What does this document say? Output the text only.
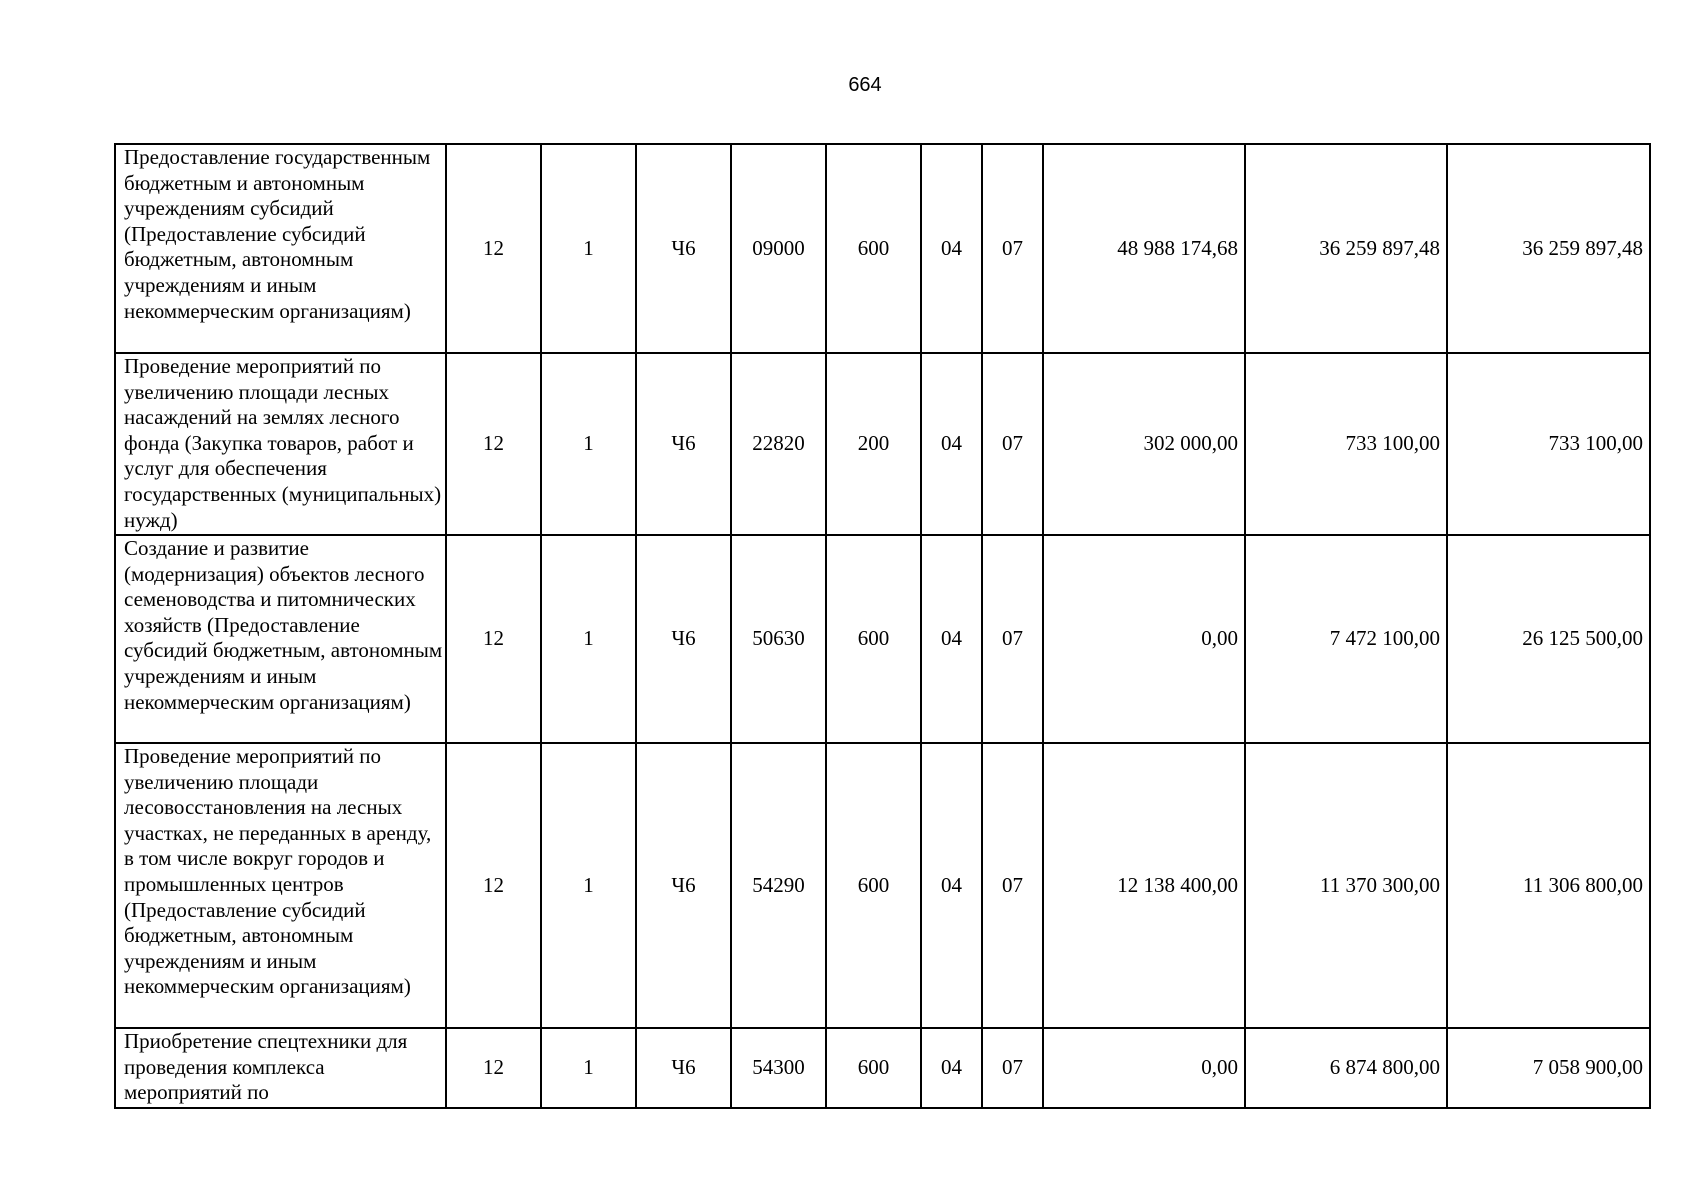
664
Предоставление государственным бюджетным и автономным учреждениям субсидий (Предоставление субсидий бюджетным, автономным учреждениям и иным некоммерческим организациям)	12	1	Ч6	09000	600	04	07	48 988 174,68	36 259 897,48	36 259 897,48
Проведение мероприятий по увеличению площади лесных насаждений на землях лесного фонда (Закупка товаров, работ и услуг для обеспечения государственных (муниципальных) нужд)	12	1	Ч6	22820	200	04	07	302 000,00	733 100,00	733 100,00
Создание и развитие (модернизация) объектов лесного семеноводства и питомнических хозяйств (Предоставление субсидий бюджетным, автономным учреждениям и иным некоммерческим организациям)	12	1	Ч6	50630	600	04	07	0,00	7 472 100,00	26 125 500,00
Проведение мероприятий по увеличению площади лесовосстановления на лесных участках, не переданных в аренду, в том числе вокруг городов и промышленных центров (Предоставление субсидий бюджетным, автономным учреждениям и иным некоммерческим организациям)	12	1	Ч6	54290	600	04	07	12 138 400,00	11 370 300,00	11 306 800,00
Приобретение спецтехники для проведения комплекса мероприятий по	12	1	Ч6	54300	600	04	07	0,00	6 874 800,00	7 058 900,00
